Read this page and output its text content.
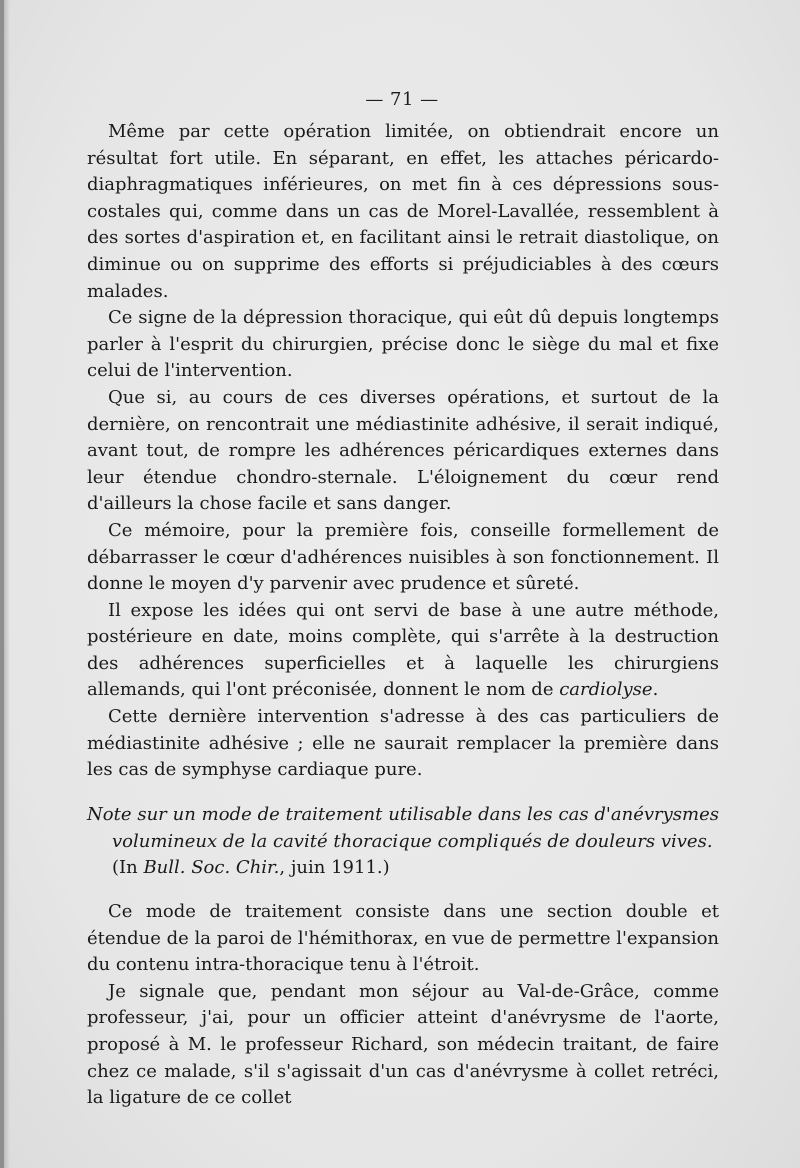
— 71 —

Même par cette opération limitée, on obtiendrait encore un résultat fort utile. En séparant, en effet, les attaches péricardo-diaphragmatiques inférieures, on met fin à ces dépressions sous-costales qui, comme dans un cas de Morel-Lavallée, ressemblent à des sortes d'aspiration et, en facilitant ainsi le retrait diastolique, on diminue ou on supprime des efforts si préjudiciables à des cœurs malades.

Ce signe de la dépression thoracique, qui eût dû depuis longtemps parler à l'esprit du chirurgien, précise donc le siège du mal et fixe celui de l'intervention.

Que si, au cours de ces diverses opérations, et surtout de la dernière, on rencontrait une médiastinite adhésive, il serait indiqué, avant tout, de rompre les adhérences péricardiques externes dans leur étendue chondro-sternale. L'éloignement du cœur rend d'ailleurs la chose facile et sans danger.

Ce mémoire, pour la première fois, conseille formellement de débarrasser le cœur d'adhérences nuisibles à son fonctionnement. Il donne le moyen d'y parvenir avec prudence et sûreté.

Il expose les idées qui ont servi de base à une autre méthode, postérieure en date, moins complète, qui s'arrête à la destruction des adhérences superficielles et à laquelle les chirurgiens allemands, qui l'ont préconisée, donnent le nom de cardiolyse.

Cette dernière intervention s'adresse à des cas particuliers de médiastinite adhésive ; elle ne saurait remplacer la première dans les cas de symphyse cardiaque pure.

Note sur un mode de traitement utilisable dans les cas d'anévrysmes volumineux de la cavité thoracique compliqués de douleurs vives.
(In Bull. Soc. Chir., juin 1911.)

Ce mode de traitement consiste dans une section double et étendue de la paroi de l'hémithorax, en vue de permettre l'expansion du contenu intra-thoracique tenu à l'étroit.

Je signale que, pendant mon séjour au Val-de-Grâce, comme professeur, j'ai, pour un officier atteint d'anévrysme de l'aorte, proposé à M. le professeur Richard, son médecin traitant, de faire chez ce malade, s'il s'agissait d'un cas d'anévrysme à collet retréci, la ligature de ce collet
